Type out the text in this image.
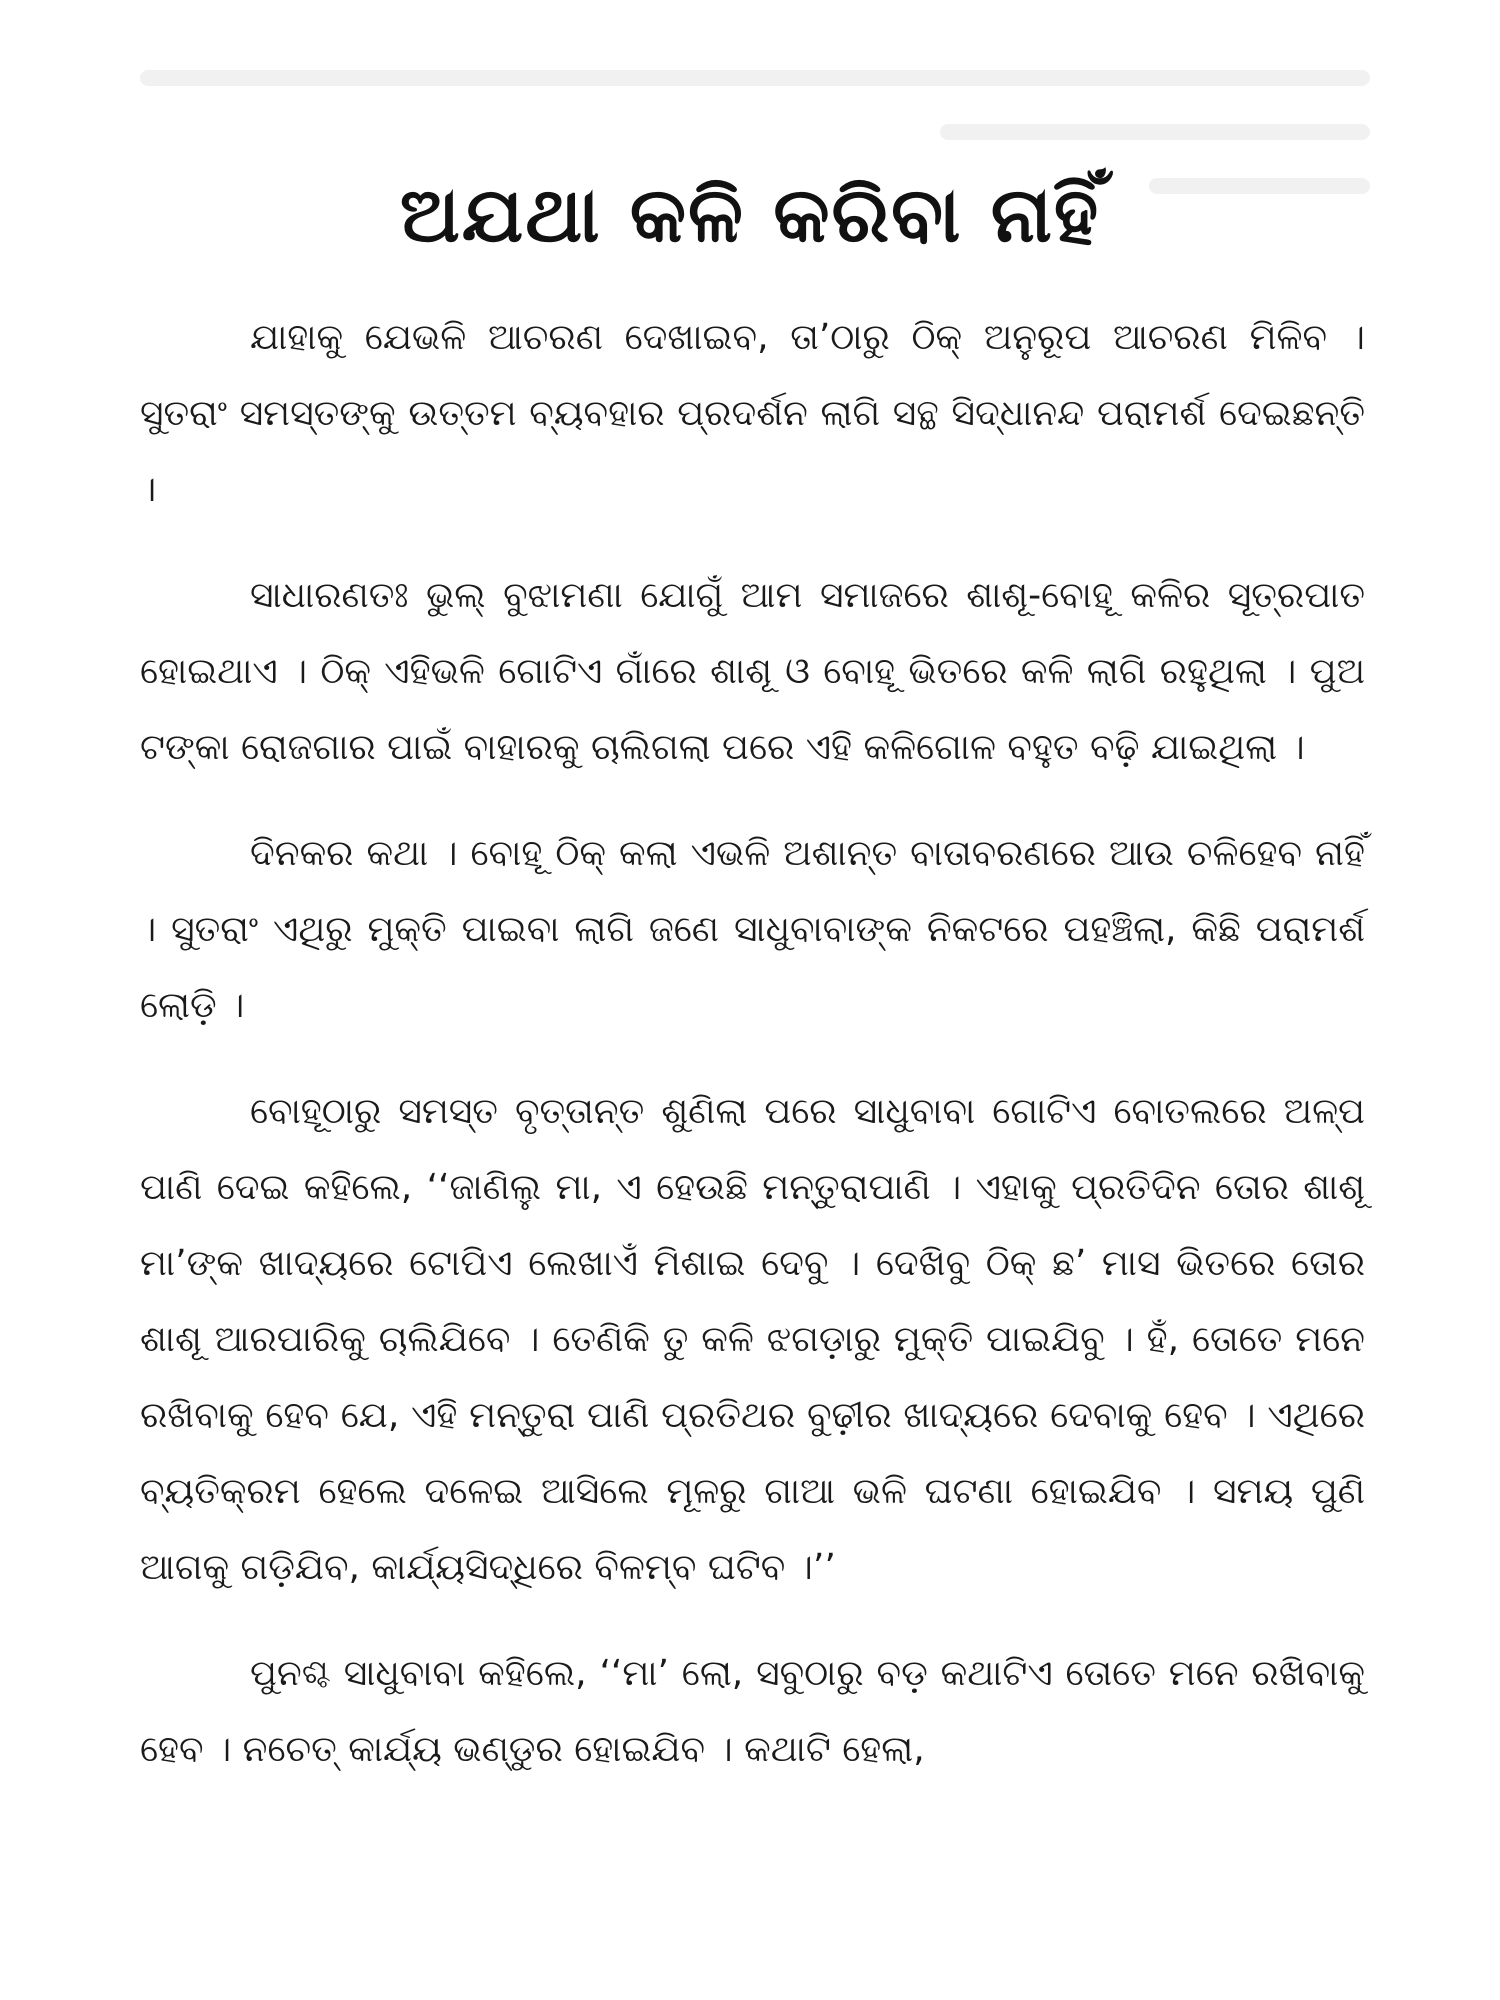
ଅଯଥା କଳି କରିବା ନାହିଁ

ଯାହାକୁ ଯେଭଳି ଆଚରଣ ଦେଖାଇବ, ତା’ଠାରୁ ଠିକ୍ ଅନୁରୂପ ଆଚରଣ ମିଳିବ । ସୁତରାଂ ସମସ୍ତଙ୍କୁ ଉତ୍ତମ ବ୍ୟବହାର ପ୍ରଦର୍ଶନ ଲାଗି ସନ୍ଥ ସିଦ୍ଧାନନ୍ଦ ପରାମର୍ଶ ଦେଇଛନ୍ତି ।

ସାଧାରଣତଃ ଭୁଲ୍ ବୁଝାମଣା ଯୋଗୁଁ ଆମ ସମାଜରେ ଶାଶୂ-ବୋହୂ କଳିର ସୂତ୍ରପାତ ହୋଇଥାଏ । ଠିକ୍ ଏହିଭଳି ଗୋଟିଏ ଗାଁରେ ଶାଶୂ ଓ ବୋହୂ ଭିତରେ କଳି ଲାଗି ରହୁଥିଲା । ପୁଅ ଟଙ୍କା ରୋଜଗାର ପାଇଁ ବାହାରକୁ ଚାଲିଗଲା ପରେ ଏହି କଳିଗୋଳ ବହୁତ ବଢ଼ି ଯାଇଥିଲା ।

ଦିନକର କଥା । ବୋହୂ ଠିକ୍ କଲା ଏଭଳି ଅଶାନ୍ତ ବାତାବରଣରେ ଆଉ ଚଳିହେବ ନାହିଁ । ସୁତରାଂ ଏଥିରୁ ମୁକ୍ତି ପାଇବା ଲାଗି ଜଣେ ସାଧୁବାବାଙ୍କ ନିକଟରେ ପହଞ୍ଚିଲା, କିଛି ପରାମର୍ଶ ଲୋଡ଼ି ।

ବୋହୂଠାରୁ ସମସ୍ତ ବୃତ୍ତାନ୍ତ ଶୁଣିଲା ପରେ ସାଧୁବାବା ଗୋଟିଏ ବୋତଲରେ ଅଳ୍ପ ପାଣି ଦେଇ କହିଲେ, ‘‘ଜାଣିଲୁ ମା, ଏ ହେଉଛି ମନ୍ତୁରାପାଣି । ଏହାକୁ ପ୍ରତିଦିନ ତୋର ଶାଶୂ ମା’ଙ୍କ ଖାଦ୍ୟରେ ଟୋପିଏ ଲେଖାଏଁ ମିଶାଇ ଦେବୁ । ଦେଖିବୁ ଠିକ୍ ଛ’ ମାସ ଭିତରେ ତୋର ଶାଶୂ ଆରପାରିକୁ ଚାଲିଯିବେ । ତେଣିକି ତୁ କଳି ଝଗଡ଼ାରୁ ମୁକ୍ତି ପାଇଯିବୁ । ହଁ, ତୋତେ ମନେ ରଖିବାକୁ ହେବ ଯେ, ଏହି ମନ୍ତୁରା ପାଣି ପ୍ରତିଥର ବୁଢ଼ୀର ଖାଦ୍ୟରେ ଦେବାକୁ ହେବ । ଏଥିରେ ବ୍ୟତିକ୍ରମ ହେଲେ ଦଳେଇ ଆସିଲେ ମୂଳରୁ ଗାଆ ଭଳି ଘଟଣା ହୋଇଯିବ । ସମୟ ପୁଣି ଆଗକୁ ଗଡ଼ିଯିବ, କାର୍ଯ୍ୟସିଦ୍ଧିରେ ବିଳମ୍ବ ଘଟିବ ।’’

ପୁନଶ୍ଚ ସାଧୁବାବା କହିଲେ, ‘‘ମା’ ଲୋ, ସବୁଠାରୁ ବଡ଼ କଥାଟିଏ ତୋତେ ମନେ ରଖିବାକୁ ହେବ । ନଚେତ୍ କାର୍ଯ୍ୟ ଭଣ୍ଡୁର ହୋଇଯିବ । କଥାଟି ହେଲା,
